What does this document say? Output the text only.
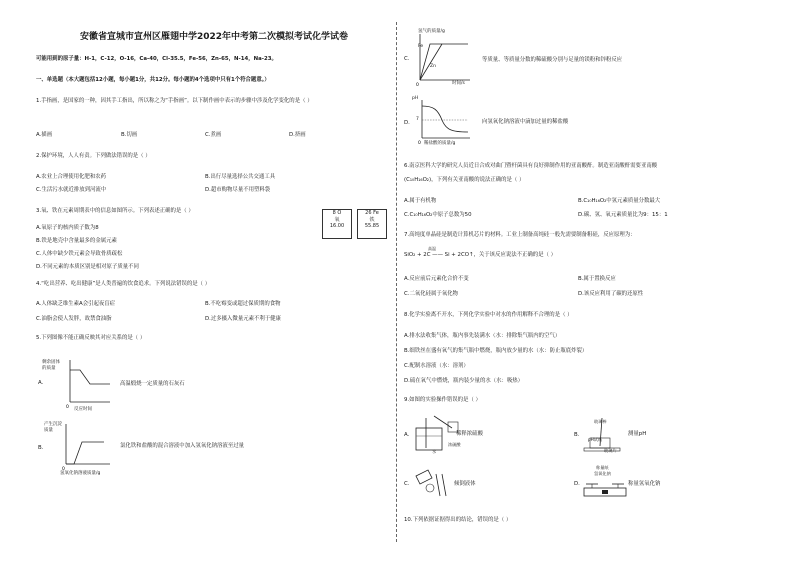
安徽省宣城市宣州区雁翅中学2022年中考第二次模拟考试化学试卷
可能用到的原子量：H-1，C-12，O-16，Ca-40，Cl-35.5，Fe-56，Zn-65，N-14，Na-23。
一、单选题（本大题包括12小题，每小题1分，共12分。每小题的4个选项中只有1个符合题意。）
1.手指画，是国家的一种，因其手工指出，所以称之为“手指画”。以下制作画中表示的步骤中涉及化学变化的是（ ）
A.描画	B.切画	C.煮画	D.挤画
2.保护环境，人人有责。下列做法错误的是（ ）
A.农业上合理使用化肥和农药	B.出行尽量选择公共交通工具
C.生活污水就近排放到河流中	D.超市购物尽量不用塑料袋
3.氧、铁在元素周期表中的信息如图所示。下列表述正确的是（ ）	8 O
氧
16.00
26 Fe
铁
55.85
A.氧原子的核内质子数为8
B.铁是地壳中含量最多的金属元素
C.人体中缺少铁元素会导致骨质疏松
D.不同元素的本质区别是相对原子质量不同
4.“吃出营养、吃出健康”是人类普遍的饮食追求。下列说法错误的是（ ）
A.人体缺乏维生素A会引起夜盲症	B.不吃霉变或超过保质期的食物
C.油脂会使人发胖，故禁食油脂	D.过多摄入微量元素不利于健康
5.下列图像不能正确反映其对应关系的是（ ）
A.
0
剩余固体的质量
反应时间
高温煅烧一定质量的石灰石
B.
0
产生沉淀质量
氢氧化钠溶液质量/g
氯化铁和盐酸的混合溶液中加入氢氧化钠溶液至过量
C.
0
氢气的质量/g
Fe
Zn
时间/s
等质量、等质量分数的稀硫酸分别与足量的镁粉和锌粉反应
D.
0
pH
7
稀盐酸的质量/g
向氢氧化钠溶液中滴加过量的稀盐酸
6.南京医科大学的研究人员近日合成对曲门暨杆菌具有良好抑制作用的亚南酸酐。制造亚南酸酐需要亚南酸
(C₁₀H₁₆O₂)，下列有关亚南酸的说法正确的是（ ）
A.属于有机物	B.C₁₀H₁₆O₂中氢元素质量分数最大
C.C₁₀H₁₆O₂中原子总数为50	D.碳、氢、氧元素质量比为9：15：1
7.高纯度单晶硅是制造计算机芯片的材料。工业上制备高纯硅一般先需要制备粗硅，反应原理为：
高温
SiO₂ + 2C —— Si + 2CO↑，关于该反应说法不正确的是（ ）
A.反应前后元素化合价不变	B.属于置换反应
C.二氧化硅属于氧化物	D.该反应利用了碳的还原性
8.化学实验离不开水，下列化学实验中对水的作用解释不合理的是（ ）
A.排水法收集气体，瓶内事先装满水（水：排除集气瓶内的空气）
B.细铁丝在盛有氧气的集气瓶中燃烧，瓶内放少量的水（水：防止瓶底炸裂）
C.配制水溶液（水：溶剂）
D.硫在氧气中燃烧，瓶内装少量的水（水：吸热）
9.如图的实验操作错误的是（ ）
A.
浓硫酸
水
稀释浓硫酸	B.
玻璃棒
pH试纸
玻璃片
测量pH
C.	倾倒液体	D.
称量纸
氢氧化钠
称量氢氧化钠
10.下列依据证据得出的结论，错误的是（ ）
